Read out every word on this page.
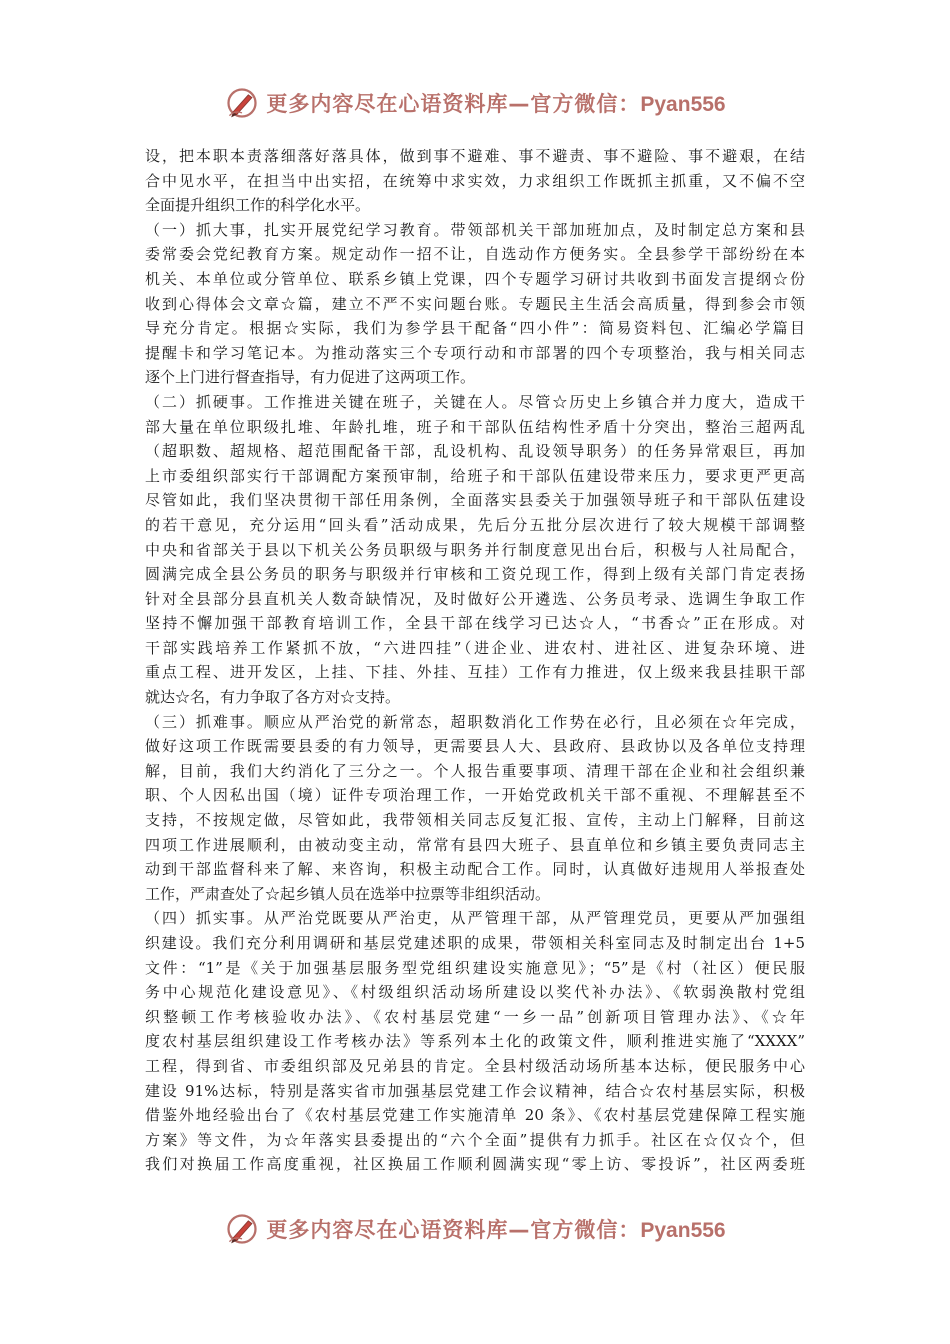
更多内容尽在心语资料库—官方微信：Pyan556
设，把本职本责落细落好落具体，做到事不避难、事不避责、事不避险、事不避艰，在结
合中见水平，在担当中出实招，在统筹中求实效，力求组织工作既抓主抓重，又不偏不空
全面提升组织工作的科学化水平。
（一）抓大事，扎实开展党纪学习教育。带领部机关干部加班加点，及时制定总方案和县
委常委会党纪教育方案。规定动作一招不让，自选动作方便务实。全县参学干部纷纷在本
机关、本单位或分管单位、联系乡镇上党课，四个专题学习研讨共收到书面发言提纲☆份
收到心得体会文章☆篇，建立不严不实问题台账。专题民主生活会高质量，得到参会市领
导充分肯定。根据☆实际，我们为参学县干配备“四小件”：简易资料包、汇编必学篇目
提醒卡和学习笔记本。为推动落实三个专项行动和市部署的四个专项整治，我与相关同志
逐个上门进行督查指导，有力促进了这两项工作。
（二）抓硬事。工作推进关键在班子，关键在人。尽管☆历史上乡镇合并力度大，造成干
部大量在单位职级扎堆、年龄扎堆，班子和干部队伍结构性矛盾十分突出，整治三超两乱
（超职数、超规格、超范围配备干部，乱设机构、乱设领导职务）的任务异常艰巨，再加
上市委组织部实行干部调配方案预审制，给班子和干部队伍建设带来压力，要求更严更高
尽管如此，我们坚决贯彻干部任用条例，全面落实县委关于加强领导班子和干部队伍建设
的若干意见，充分运用“回头看”活动成果，先后分五批分层次进行了较大规模干部调整
中央和省部关于县以下机关公务员职级与职务并行制度意见出台后，积极与人社局配合，
圆满完成全县公务员的职务与职级并行审核和工资兑现工作，得到上级有关部门肯定表扬
针对全县部分县直机关人数奇缺情况，及时做好公开遴选、公务员考录、选调生争取工作
坚持不懈加强干部教育培训工作，全县干部在线学习已达☆人，“书香☆”正在形成。对
干部实践培养工作紧抓不放，“六进四挂”（进企业、进农村、进社区、进复杂环境、进
重点工程、进开发区，上挂、下挂、外挂、互挂）工作有力推进，仅上级来我县挂职干部
就达☆名，有力争取了各方对☆支持。
（三）抓难事。顺应从严治党的新常态，超职数消化工作势在必行，且必须在☆年完成，
做好这项工作既需要县委的有力领导，更需要县人大、县政府、县政协以及各单位支持理
解，目前，我们大约消化了三分之一。个人报告重要事项、清理干部在企业和社会组织兼
职、个人因私出国（境）证件专项治理工作，一开始党政机关干部不重视、不理解甚至不
支持，不按规定做，尽管如此，我带领相关同志反复汇报、宣传，主动上门解释，目前这
四项工作进展顺利，由被动变主动，常常有县四大班子、县直单位和乡镇主要负责同志主
动到干部监督科来了解、来咨询，积极主动配合工作。同时，认真做好违规用人举报查处
工作，严肃查处了☆起乡镇人员在选举中拉票等非组织活动。
（四）抓实事。从严治党既要从严治吏，从严管理干部，从严管理党员，更要从严加强组
织建设。我们充分利用调研和基层党建述职的成果，带领相关科室同志及时制定出台 1+5
文件：“1”是《关于加强基层服务型党组织建设实施意见》；“5”是《村（社区）便民服
务中心规范化建设意见》、《村级组织活动场所建设以奖代补办法》、《软弱涣散村党组
织整顿工作考核验收办法》、《农村基层党建“一乡一品”创新项目管理办法》、《☆年
度农村基层组织建设工作考核办法》等系列本土化的政策文件，顺利推进实施了“XXXX”
工程，得到省、市委组织部及兄弟县的肯定。全县村级活动场所基本达标，便民服务中心
建设 91%达标，特别是落实省市加强基层党建工作会议精神，结合☆农村基层实际，积极
借鉴外地经验出台了《农村基层党建工作实施清单 20 条》、《农村基层党建保障工程实施
方案》等文件，为☆年落实县委提出的“六个全面”提供有力抓手。社区在☆仅☆个，但
我们对换届工作高度重视，社区换届工作顺利圆满实现“零上访、零投诉”，社区两委班
更多内容尽在心语资料库—官方微信：Pyan556
